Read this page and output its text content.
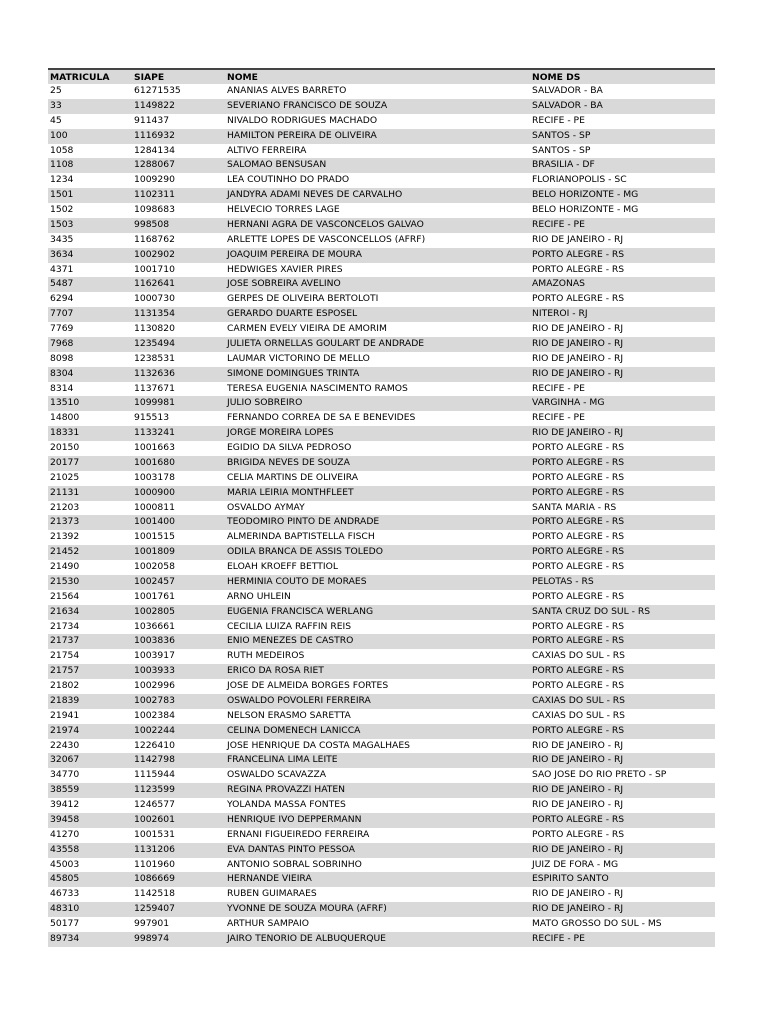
MATRICULA	SIAPE	NOME	NOME DS
25	61271535	ANANIAS ALVES BARRETO	SALVADOR - BA
33	1149822	SEVERIANO FRANCISCO DE SOUZA	SALVADOR - BA
45	911437	NIVALDO RODRIGUES MACHADO	RECIFE - PE
100	1116932	HAMILTON PEREIRA DE OLIVEIRA	SANTOS - SP
1058	1284134	ALTIVO FERREIRA	SANTOS - SP
1108	1288067	SALOMAO BENSUSAN	BRASILIA - DF
1234	1009290	LEA COUTINHO DO PRADO	FLORIANOPOLIS - SC
1501	1102311	JANDYRA ADAMI NEVES DE CARVALHO	BELO HORIZONTE - MG
1502	1098683	HELVECIO TORRES LAGE	BELO HORIZONTE - MG
1503	998508	HERNANI AGRA DE VASCONCELOS GALVAO	RECIFE - PE
3435	1168762	ARLETTE LOPES DE VASCONCELLOS (AFRF)	RIO DE JANEIRO - RJ
3634	1002902	JOAQUIM PEREIRA DE MOURA	PORTO ALEGRE - RS
4371	1001710	HEDWIGES XAVIER PIRES	PORTO ALEGRE - RS
5487	1162641	JOSE SOBREIRA AVELINO	AMAZONAS
6294	1000730	GERPES DE OLIVEIRA BERTOLOTI	PORTO ALEGRE - RS
7707	1131354	GERARDO DUARTE ESPOSEL	NITEROI - RJ
7769	1130820	CARMEN EVELY VIEIRA DE AMORIM	RIO DE JANEIRO - RJ
7968	1235494	JULIETA ORNELLAS GOULART DE ANDRADE	RIO DE JANEIRO - RJ
8098	1238531	LAUMAR VICTORINO DE MELLO	RIO DE JANEIRO - RJ
8304	1132636	SIMONE DOMINGUES TRINTA	RIO DE JANEIRO - RJ
8314	1137671	TERESA EUGENIA NASCIMENTO RAMOS	RECIFE - PE
13510	1099981	JULIO SOBREIRO	VARGINHA - MG
14800	915513	FERNANDO CORREA DE SA E BENEVIDES	RECIFE - PE
18331	1133241	JORGE MOREIRA LOPES	RIO DE JANEIRO - RJ
20150	1001663	EGIDIO DA SILVA PEDROSO	PORTO ALEGRE - RS
20177	1001680	BRIGIDA NEVES DE SOUZA	PORTO ALEGRE - RS
21025	1003178	CELIA MARTINS DE OLIVEIRA	PORTO ALEGRE - RS
21131	1000900	MARIA LEIRIA MONTHFLEET	PORTO ALEGRE - RS
21203	1000811	OSVALDO AYMAY	SANTA MARIA - RS
21373	1001400	TEODOMIRO PINTO DE ANDRADE	PORTO ALEGRE - RS
21392	1001515	ALMERINDA BAPTISTELLA FISCH	PORTO ALEGRE - RS
21452	1001809	ODILA BRANCA DE ASSIS TOLEDO	PORTO ALEGRE - RS
21490	1002058	ELOAH KROEFF BETTIOL	PORTO ALEGRE - RS
21530	1002457	HERMINIA COUTO DE MORAES	PELOTAS - RS
21564	1001761	ARNO UHLEIN	PORTO ALEGRE - RS
21634	1002805	EUGENIA FRANCISCA WERLANG	SANTA CRUZ DO SUL - RS
21734	1036661	CECILIA LUIZA RAFFIN REIS	PORTO ALEGRE - RS
21737	1003836	ENIO MENEZES DE CASTRO	PORTO ALEGRE - RS
21754	1003917	RUTH MEDEIROS	CAXIAS DO SUL - RS
21757	1003933	ERICO DA ROSA RIET	PORTO ALEGRE - RS
21802	1002996	JOSE DE ALMEIDA BORGES FORTES	PORTO ALEGRE - RS
21839	1002783	OSWALDO POVOLERI FERREIRA	CAXIAS DO SUL - RS
21941	1002384	NELSON ERASMO SARETTA	CAXIAS DO SUL - RS
21974	1002244	CELINA DOMENECH LANICCA	PORTO ALEGRE - RS
22430	1226410	JOSE HENRIQUE DA COSTA MAGALHAES	RIO DE JANEIRO - RJ
32067	1142798	FRANCELINA LIMA LEITE	RIO DE JANEIRO - RJ
34770	1115944	OSWALDO SCAVAZZA	SAO JOSE DO RIO PRETO - SP
38559	1123599	REGINA PROVAZZI HATEN	RIO DE JANEIRO - RJ
39412	1246577	YOLANDA MASSA FONTES	RIO DE JANEIRO - RJ
39458	1002601	HENRIQUE IVO DEPPERMANN	PORTO ALEGRE - RS
41270	1001531	ERNANI FIGUEIREDO FERREIRA	PORTO ALEGRE - RS
43558	1131206	EVA DANTAS PINTO PESSOA	RIO DE JANEIRO - RJ
45003	1101960	ANTONIO SOBRAL SOBRINHO	JUIZ DE FORA - MG
45805	1086669	HERNANDE VIEIRA	ESPIRITO SANTO
46733	1142518	RUBEN GUIMARAES	RIO DE JANEIRO - RJ
48310	1259407	YVONNE DE SOUZA MOURA (AFRF)	RIO DE JANEIRO - RJ
50177	997901	ARTHUR SAMPAIO	MATO GROSSO DO SUL - MS
89734	998974	JAIRO TENORIO DE ALBUQUERQUE	RECIFE - PE
